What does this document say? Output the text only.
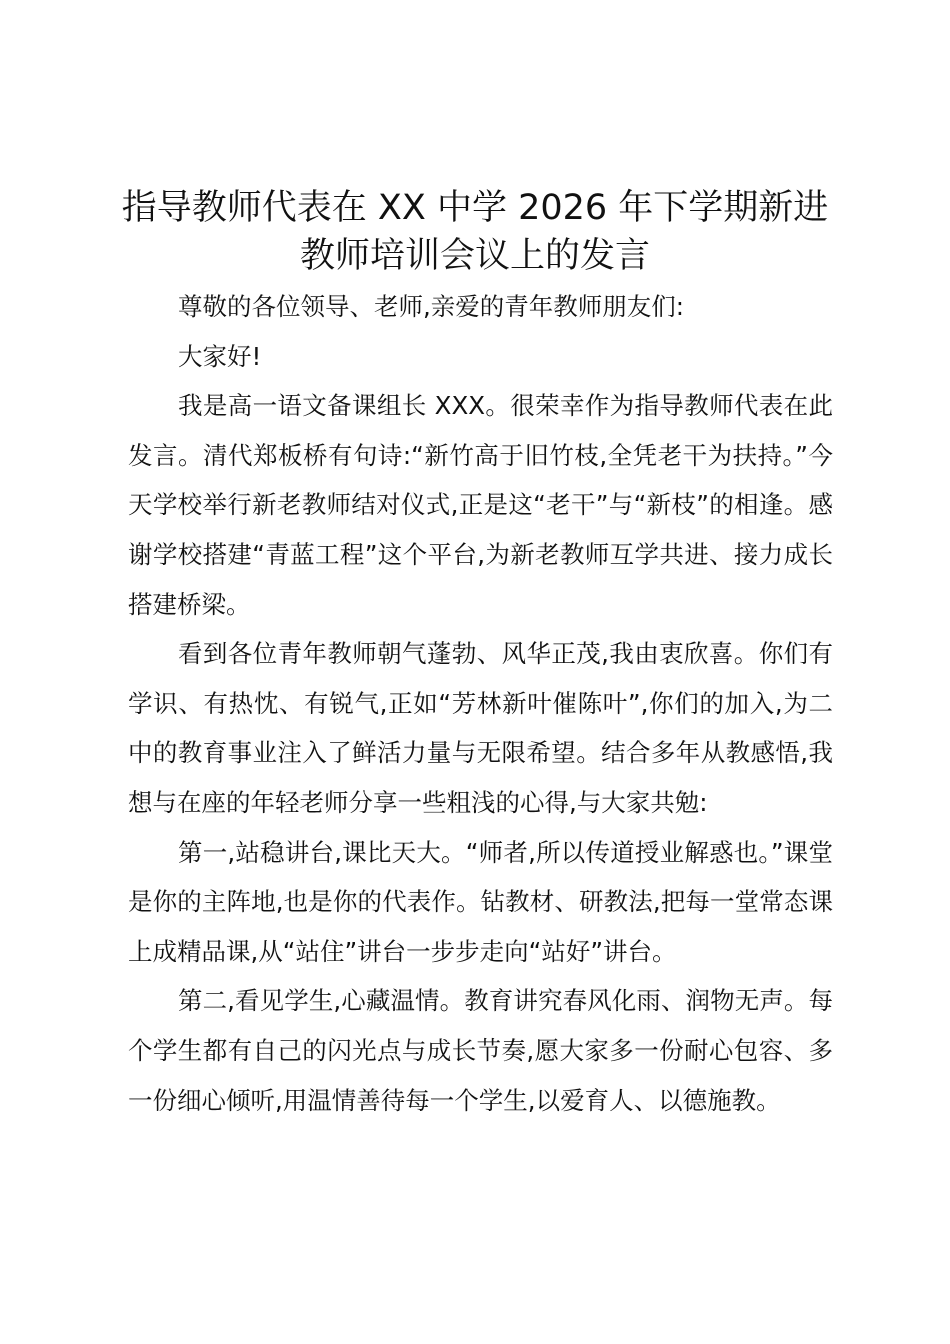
指导教师代表在 XX 中学 2026 年下学期新进
教师培训会议上的发言

尊敬的各位领导、老师,亲爱的青年教师朋友们:

大家好!

我是高一语文备课组长 XXX。很荣幸作为指导教师代表在此发言。清代郑板桥有句诗:“新竹高于旧竹枝,全凭老干为扶持。”今天学校举行新老教师结对仪式,正是这“老干”与“新枝”的相逢。感谢学校搭建“青蓝工程”这个平台,为新老教师互学共进、接力成长搭建桥梁。

看到各位青年教师朝气蓬勃、风华正茂,我由衷欣喜。你们有学识、有热忱、有锐气,正如“芳林新叶催陈叶”,你们的加入,为二中的教育事业注入了鲜活力量与无限希望。结合多年从教感悟,我想与在座的年轻老师分享一些粗浅的心得,与大家共勉:

第一,站稳讲台,课比天大。“师者,所以传道授业解惑也。”课堂是你的主阵地,也是你的代表作。钻教材、研教法,把每一堂常态课上成精品课,从“站住”讲台一步步走向“站好”讲台。

第二,看见学生,心藏温情。教育讲究春风化雨、润物无声。每个学生都有自己的闪光点与成长节奏,愿大家多一份耐心包容、多一份细心倾听,用温情善待每一个学生,以爱育人、以德施教。
